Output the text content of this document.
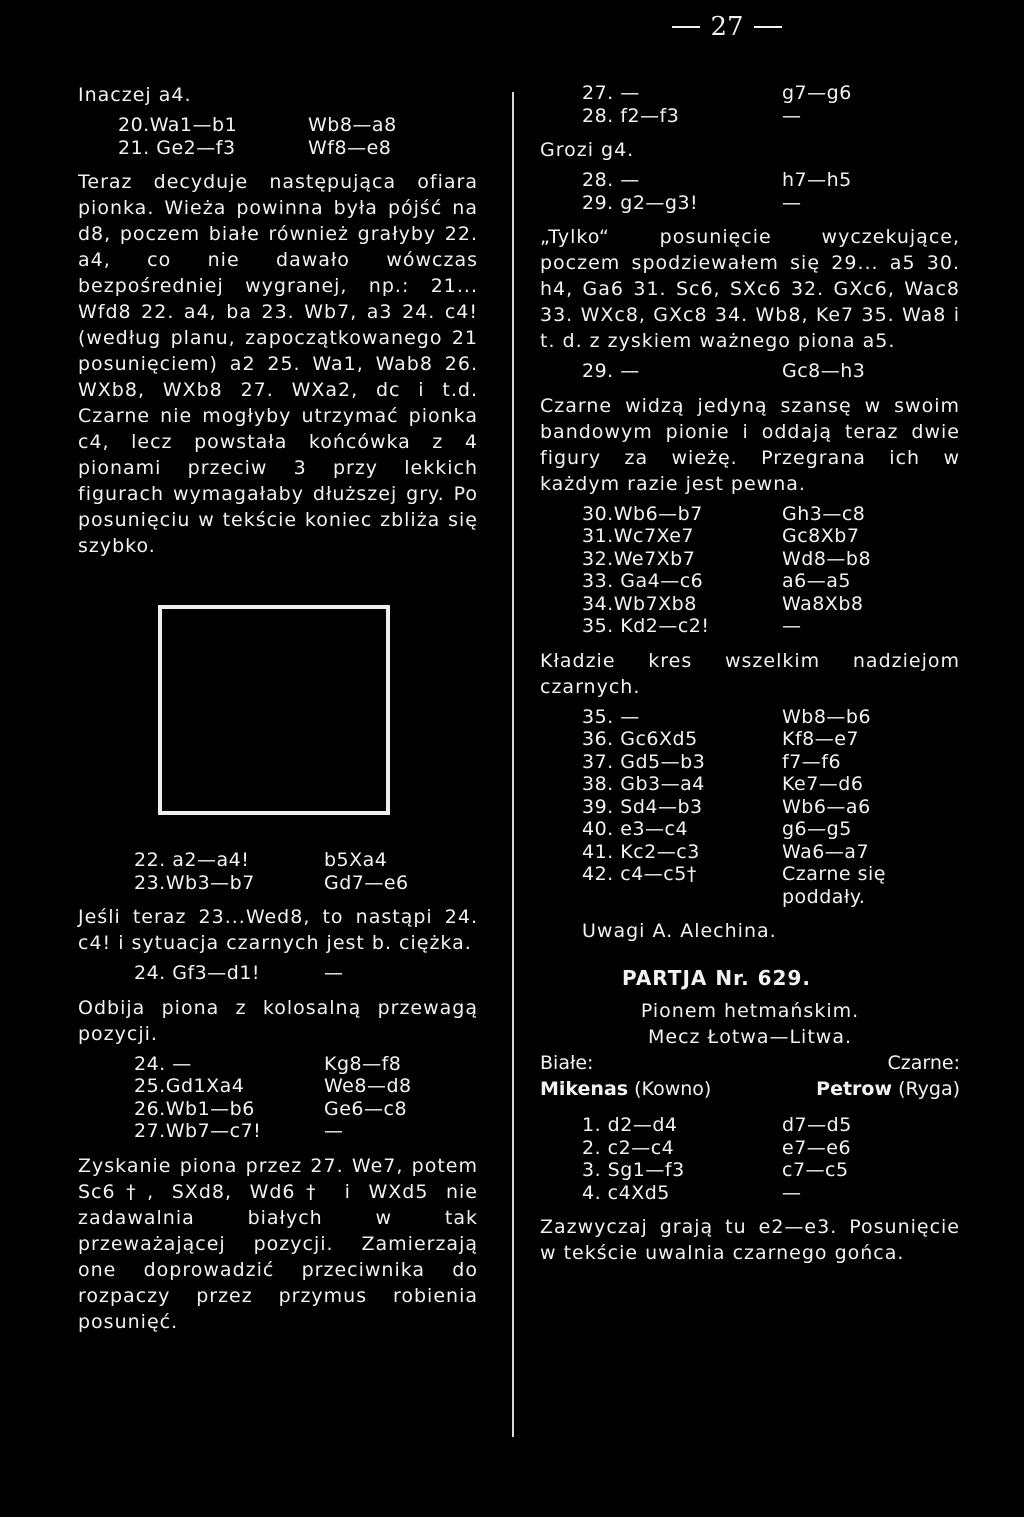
27

Inaczej a4.

20.Wa1—b1	Wb8—a8
21. Ge2—f3	Wf8—e8

Teraz decyduje następująca ofiara pionka. Wieża powinna była pójść na d8, poczem białe również grałyby 22. a4, co nie dawało wówczas bezpośredniej wygranej, np.: 21... Wfd8 22. a4, ba 23. Wb7, a3 24. c4! (według planu, zapoczątkowanego 21 posunięciem) a2 25. Wa1, Wab8 26. WXb8, WXb8 27. WXa2, dc i t.d. Czarne nie mogłyby utrzymać pionka c4, lecz powstała końcówka z 4 pionami przeciw 3 przy lekkich figurach wymagałaby dłuższej gry. Po posunięciu w tekście koniec zbliża się szybko.

22. a2—a4!	b5Xa4
23.Wb3—b7	Gd7—e6

Jeśli teraz 23...Wed8, to nastąpi 24. c4! i sytuacja czarnych jest b. ciężka.

24. Gf3—d1!	—

Odbija piona z kolosalną przewagą pozycji.

24. —	Kg8—f8
25.Gd1Xa4	We8—d8
26.Wb1—b6	Ge6—c8
27.Wb7—c7!	—

Zyskanie piona przez 27. We7, potem Sc6†, SXd8, Wd6† i WXd5 nie zadawalnia białych w tak przeważającej pozycji. Zamierzają one doprowadzić przeciwnika do rozpaczy przez przymus robienia posunięć.

27. —	g7—g6
28. f2—f3	—

Grozi g4.

28. —	h7—h5
29. g2—g3!	—

„Tylko“ posunięcie wyczekujące, poczem spodziewałem się 29... a5 30. h4, Ga6 31. Sc6, SXc6 32. GXc6, Wac8 33. WXc8, GXc8 34. Wb8, Ke7 35. Wa8 i t. d. z zyskiem ważnego piona a5.

29. —	Gc8—h3

Czarne widzą jedyną szansę w swoim bandowym pionie i oddają teraz dwie figury za wieżę. Przegrana ich w każdym razie jest pewna.

30.Wb6—b7	Gh3—c8
31.Wc7Xe7	Gc8Xb7
32.We7Xb7	Wd8—b8
33. Ga4—c6	a6—a5
34.Wb7Xb8	Wa8Xb8
35. Kd2—c2!	—

Kładzie kres wszelkim nadziejom czarnych.

35. —	Wb8—b6
36. Gc6Xd5	Kf8—e7
37. Gd5—b3	f7—f6
38. Gb3—a4	Ke7—d6
39. Sd4—b3	Wb6—a6
40. e3—c4	g6—g5
41. Kc2—c3	Wa6—a7
42. c4—c5†	Czarne się poddały.

Uwagi A. Alechina.

PARTJA Nr. 629.

Pionem hetmańskim.

Mecz Łotwa—Litwa.

Białe:	Czarne:
Mikenas (Kowno)	Petrow (Ryga)
1. d2—d4	d7—d5
2. c2—c4	e7—e6
3. Sg1—f3	c7—c5
4. c4Xd5	—

Zazwyczaj grają tu e2—e3. Posunięcie w tekście uwalnia czarnego gońca.
